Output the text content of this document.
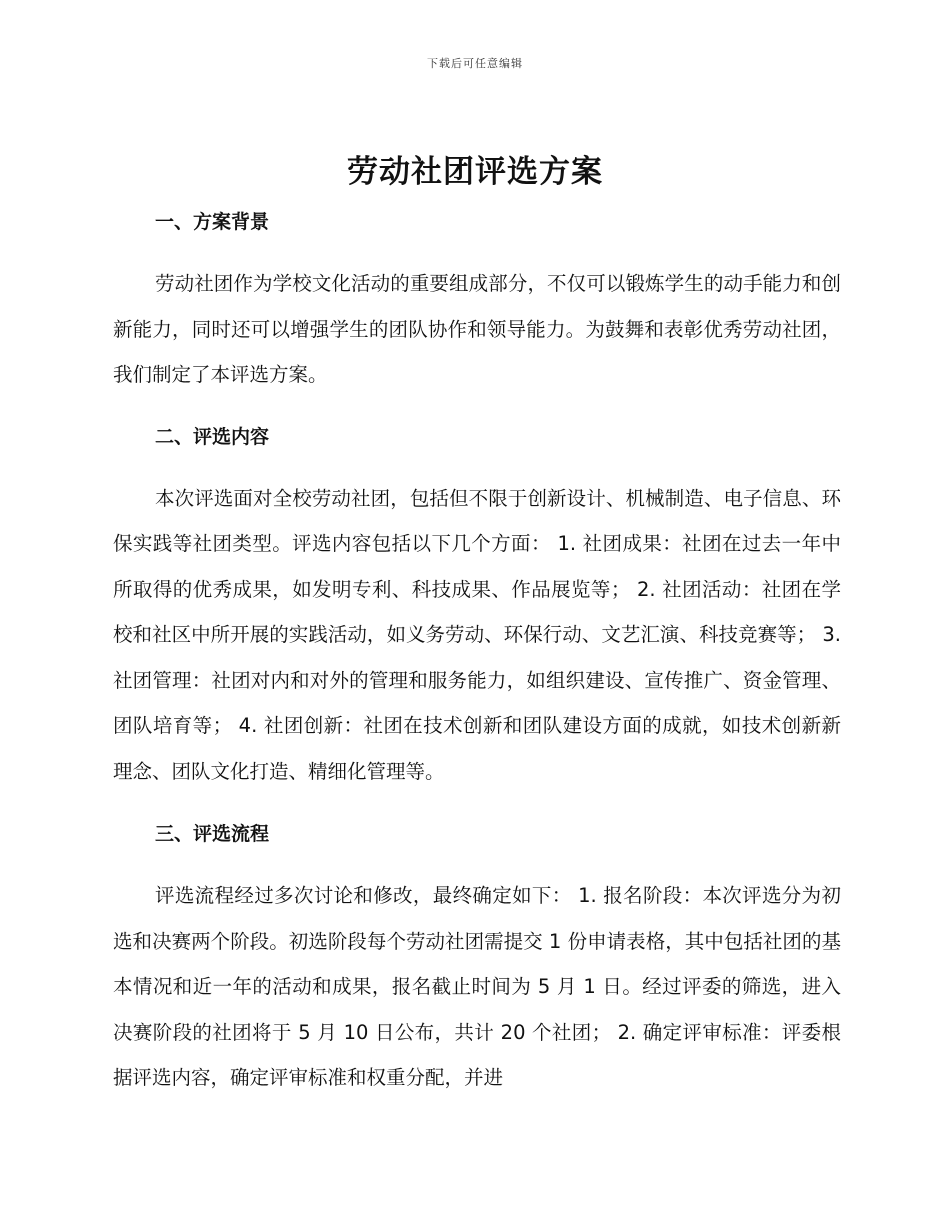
下载后可任意编辑
劳动社团评选方案
一、方案背景

劳动社团作为学校文化活动的重要组成部分，不仅可以锻炼学生的动手能力和创新能力，同时还可以增强学生的团队协作和领导能力。为鼓舞和表彰优秀劳动社团，我们制定了本评选方案。

二、评选内容

本次评选面对全校劳动社团，包括但不限于创新设计、机械制造、电子信息、环保实践等社团类型。评选内容包括以下几个方面： 1. 社团成果：社团在过去一年中所取得的优秀成果，如发明专利、科技成果、作品展览等； 2. 社团活动：社团在学校和社区中所开展的实践活动，如义务劳动、环保行动、文艺汇演、科技竞赛等； 3. 社团管理：社团对内和对外的管理和服务能力，如组织建设、宣传推广、资金管理、团队培育等； 4. 社团创新：社团在技术创新和团队建设方面的成就，如技术创新新理念、团队文化打造、精细化管理等。

三、评选流程

评选流程经过多次讨论和修改，最终确定如下： 1. 报名阶段：本次评选分为初选和决赛两个阶段。初选阶段每个劳动社团需提交 1 份申请表格，其中包括社团的基本情况和近一年的活动和成果，报名截止时间为 5 月 1 日。经过评委的筛选，进入决赛阶段的社团将于 5 月 10 日公布，共计 20 个社团； 2. 确定评审标准：评委根据评选内容，确定评审标准和权重分配，并进
